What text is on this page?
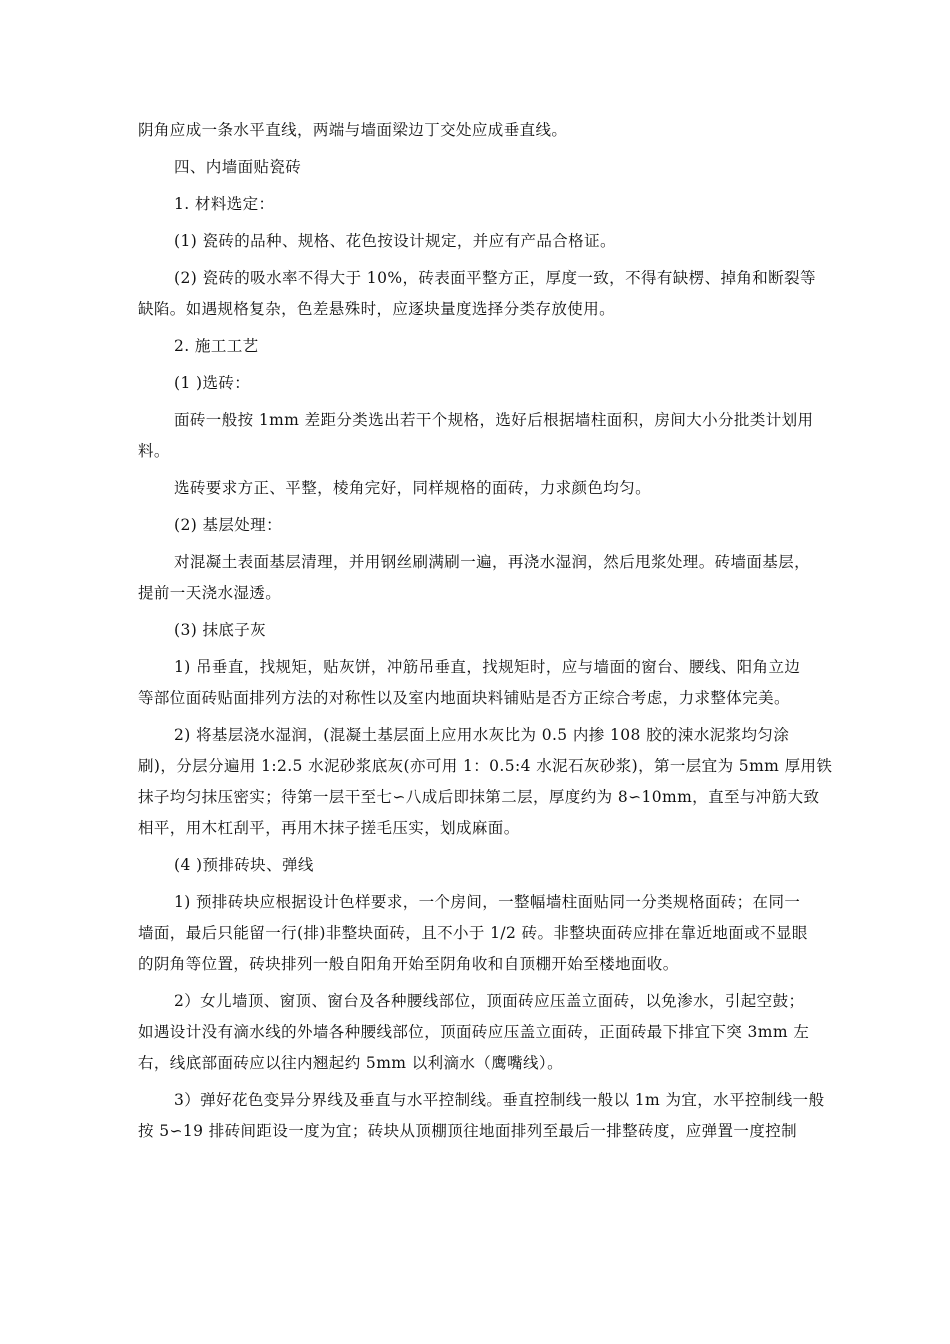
阴角应成一条水平直线，两端与墙面梁边丁交处应成垂直线。
四、内墙面贴瓷砖
1. 材料选定：
(1) 瓷砖的品种、规格、花色按设计规定，并应有产品合格证。
(2) 瓷砖的吸水率不得大于 10%，砖表面平整方正，厚度一致，不得有缺楞、掉角和断裂等
缺陷。如遇规格复杂，色差悬殊时，应逐块量度选择分类存放使用。
2. 施工工艺
(1 )选砖：
面砖一般按 1mm 差距分类选出若干个规格，选好后根据墙柱面积，房间大小分批类计划用
料。
选砖要求方正、平整，棱角完好，同样规格的面砖，力求颜色均匀。
(2) 基层处理：
对混凝土表面基层清理，并用钢丝刷满刷一遍，再浇水湿润，然后甩浆处理。砖墙面基层，
提前一天浇水湿透。
(3) 抹底子灰
1) 吊垂直，找规矩，贴灰饼，冲筋吊垂直，找规矩时，应与墙面的窗台、腰线、阳角立边
等部位面砖贴面排列方法的对称性以及室内地面块料铺贴是否方正综合考虑，力求整体完美。
2) 将基层浇水湿润，(混凝土基层面上应用水灰比为 0.5 内掺 108 胶的涑水泥浆均匀涂
刷)，分层分遍用 1:2.5 水泥砂浆底灰(亦可用 1：0.5:4 水泥石灰砂浆)，第一层宜为 5mm 厚用铁
抹子均匀抹压密实；待第一层干至七∽八成后即抹第二层，厚度约为 8∽10mm，直至与冲筋大致
相平，用木杠刮平，再用木抹子搓毛压实，划成麻面。
(4 )预排砖块、弹线
1) 预排砖块应根据设计色样要求，一个房间，一整幅墙柱面贴同一分类规格面砖；在同一
墙面，最后只能留一行(排)非整块面砖，且不小于 1/2 砖。非整块面砖应排在靠近地面或不显眼
的阴角等位置，砖块排列一般自阳角开始至阴角收和自顶棚开始至楼地面收。
2）女儿墙顶、窗顶、窗台及各种腰线部位，顶面砖应压盖立面砖，以免渗水，引起空鼓；
如遇设计没有滴水线的外墙各种腰线部位，顶面砖应压盖立面砖，正面砖最下排宜下突 3mm 左
右，线底部面砖应以往内翘起约 5mm 以利滴水（鹰嘴线）。
3）弹好花色变异分界线及垂直与水平控制线。垂直控制线一般以 1m 为宜，水平控制线一般
按 5∽19 排砖间距设一度为宜；砖块从顶棚顶往地面排列至最后一排整砖度，应弹置一度控制
